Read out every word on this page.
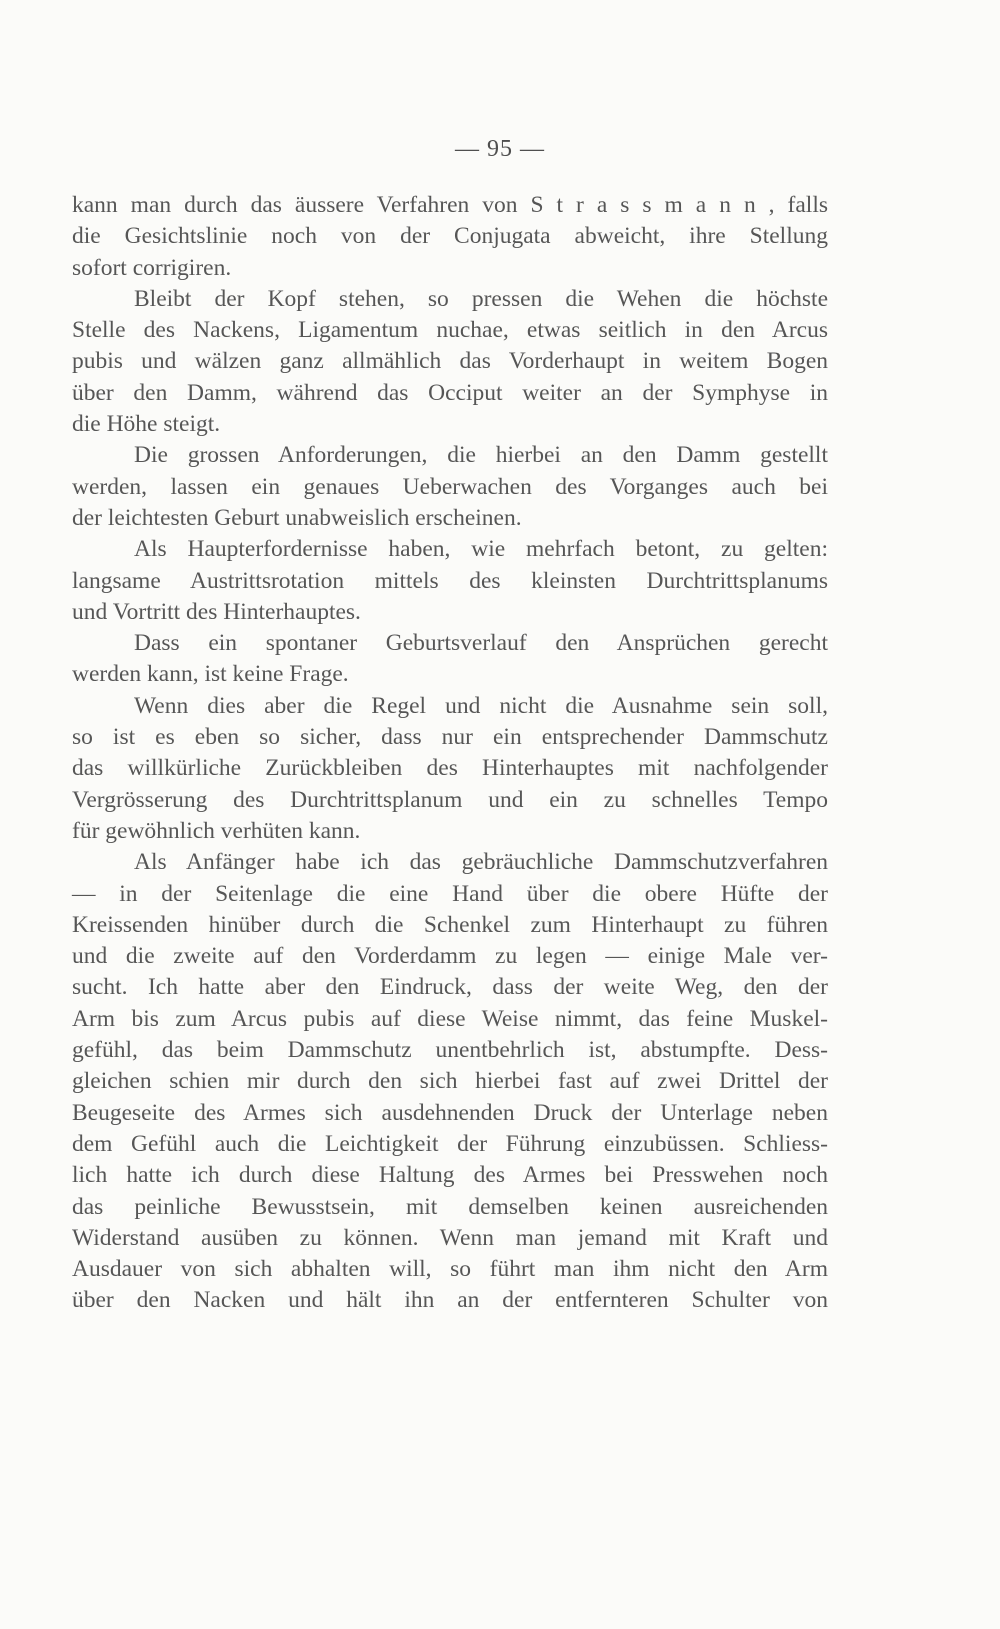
— 95 —
kann man durch das äussere Verfahren von S t r a s s m a n n , falls
die Gesichtslinie noch von der Conjugata abweicht, ihre Stellung
sofort corrigiren.
Bleibt der Kopf stehen, so pressen die Wehen die höchste
Stelle des Nackens, Ligamentum nuchae, etwas seitlich in den Arcus
pubis und wälzen ganz allmählich das Vorderhaupt in weitem Bogen
über den Damm, während das Occiput weiter an der Symphyse in
die Höhe steigt.
Die grossen Anforderungen, die hierbei an den Damm gestellt
werden, lassen ein genaues Ueberwachen des Vorganges auch bei
der leichtesten Geburt unabweislich erscheinen.
Als Haupterfordernisse haben, wie mehrfach betont, zu gelten:
langsame Austrittsrotation mittels des kleinsten Durchtrittsplanums
und Vortritt des Hinterhauptes.
Dass ein spontaner Geburtsverlauf den Ansprüchen gerecht
werden kann, ist keine Frage.
Wenn dies aber die Regel und nicht die Ausnahme sein soll,
so ist es eben so sicher, dass nur ein entsprechender Dammschutz
das willkürliche Zurückbleiben des Hinterhauptes mit nachfolgender
Vergrösserung des Durchtrittsplanum und ein zu schnelles Tempo
für gewöhnlich verhüten kann.
Als Anfänger habe ich das gebräuchliche Dammschutzverfahren
— in der Seitenlage die eine Hand über die obere Hüfte der
Kreissenden hinüber durch die Schenkel zum Hinterhaupt zu führen
und die zweite auf den Vorderdamm zu legen — einige Male ver-
sucht. Ich hatte aber den Eindruck, dass der weite Weg, den der
Arm bis zum Arcus pubis auf diese Weise nimmt, das feine Muskel-
gefühl, das beim Dammschutz unentbehrlich ist, abstumpfte. Dess-
gleichen schien mir durch den sich hierbei fast auf zwei Drittel der
Beugeseite des Armes sich ausdehnenden Druck der Unterlage neben
dem Gefühl auch die Leichtigkeit der Führung einzubüssen. Schliess-
lich hatte ich durch diese Haltung des Armes bei Presswehen noch
das peinliche Bewusstsein, mit demselben keinen ausreichenden
Widerstand ausüben zu können. Wenn man jemand mit Kraft und
Ausdauer von sich abhalten will, so führt man ihm nicht den Arm
über den Nacken und hält ihn an der entfernteren Schulter von
